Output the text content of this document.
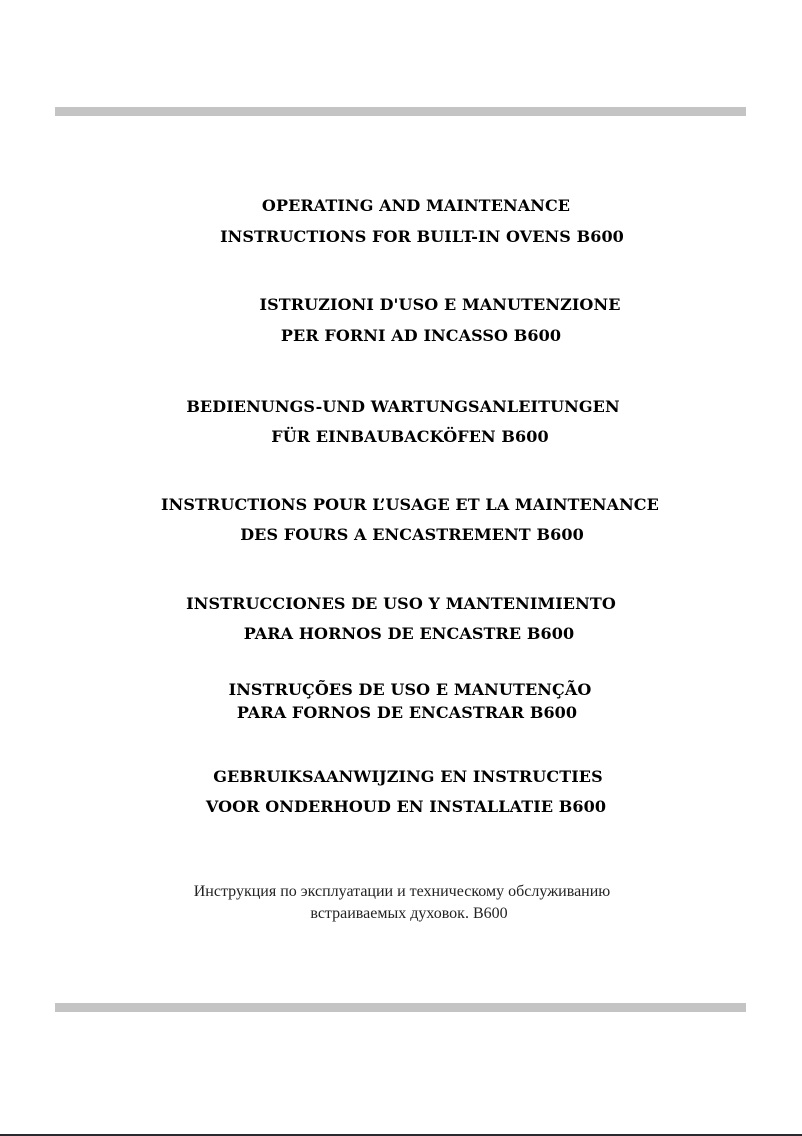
OPERATING AND MAINTENANCE
INSTRUCTIONS FOR BUILT-IN OVENS B600
ISTRUZIONI D'USO E MANUTENZIONE
PER FORNI AD INCASSO B600
BEDIENUNGS-UND WARTUNGSANLEITUNGEN
FÜR EINBAUBACKÖFEN B600
INSTRUCTIONS POUR L’USAGE ET LA MAINTENANCE
DES FOURS A ENCASTREMENT B600
INSTRUCCIONES DE USO Y MANTENIMIENTO
PARA HORNOS DE ENCASTRE B600
INSTRUÇÕES DE USO E MANUTENÇÃO
PARA FORNOS DE ENCASTRAR B600
GEBRUIKSAANWIJZING EN INSTRUCTIES
VOOR ONDERHOUD EN INSTALLATIE B600
Инструкция по эксплуатации и техническому обслуживанию
встраиваемых духовок. B600
